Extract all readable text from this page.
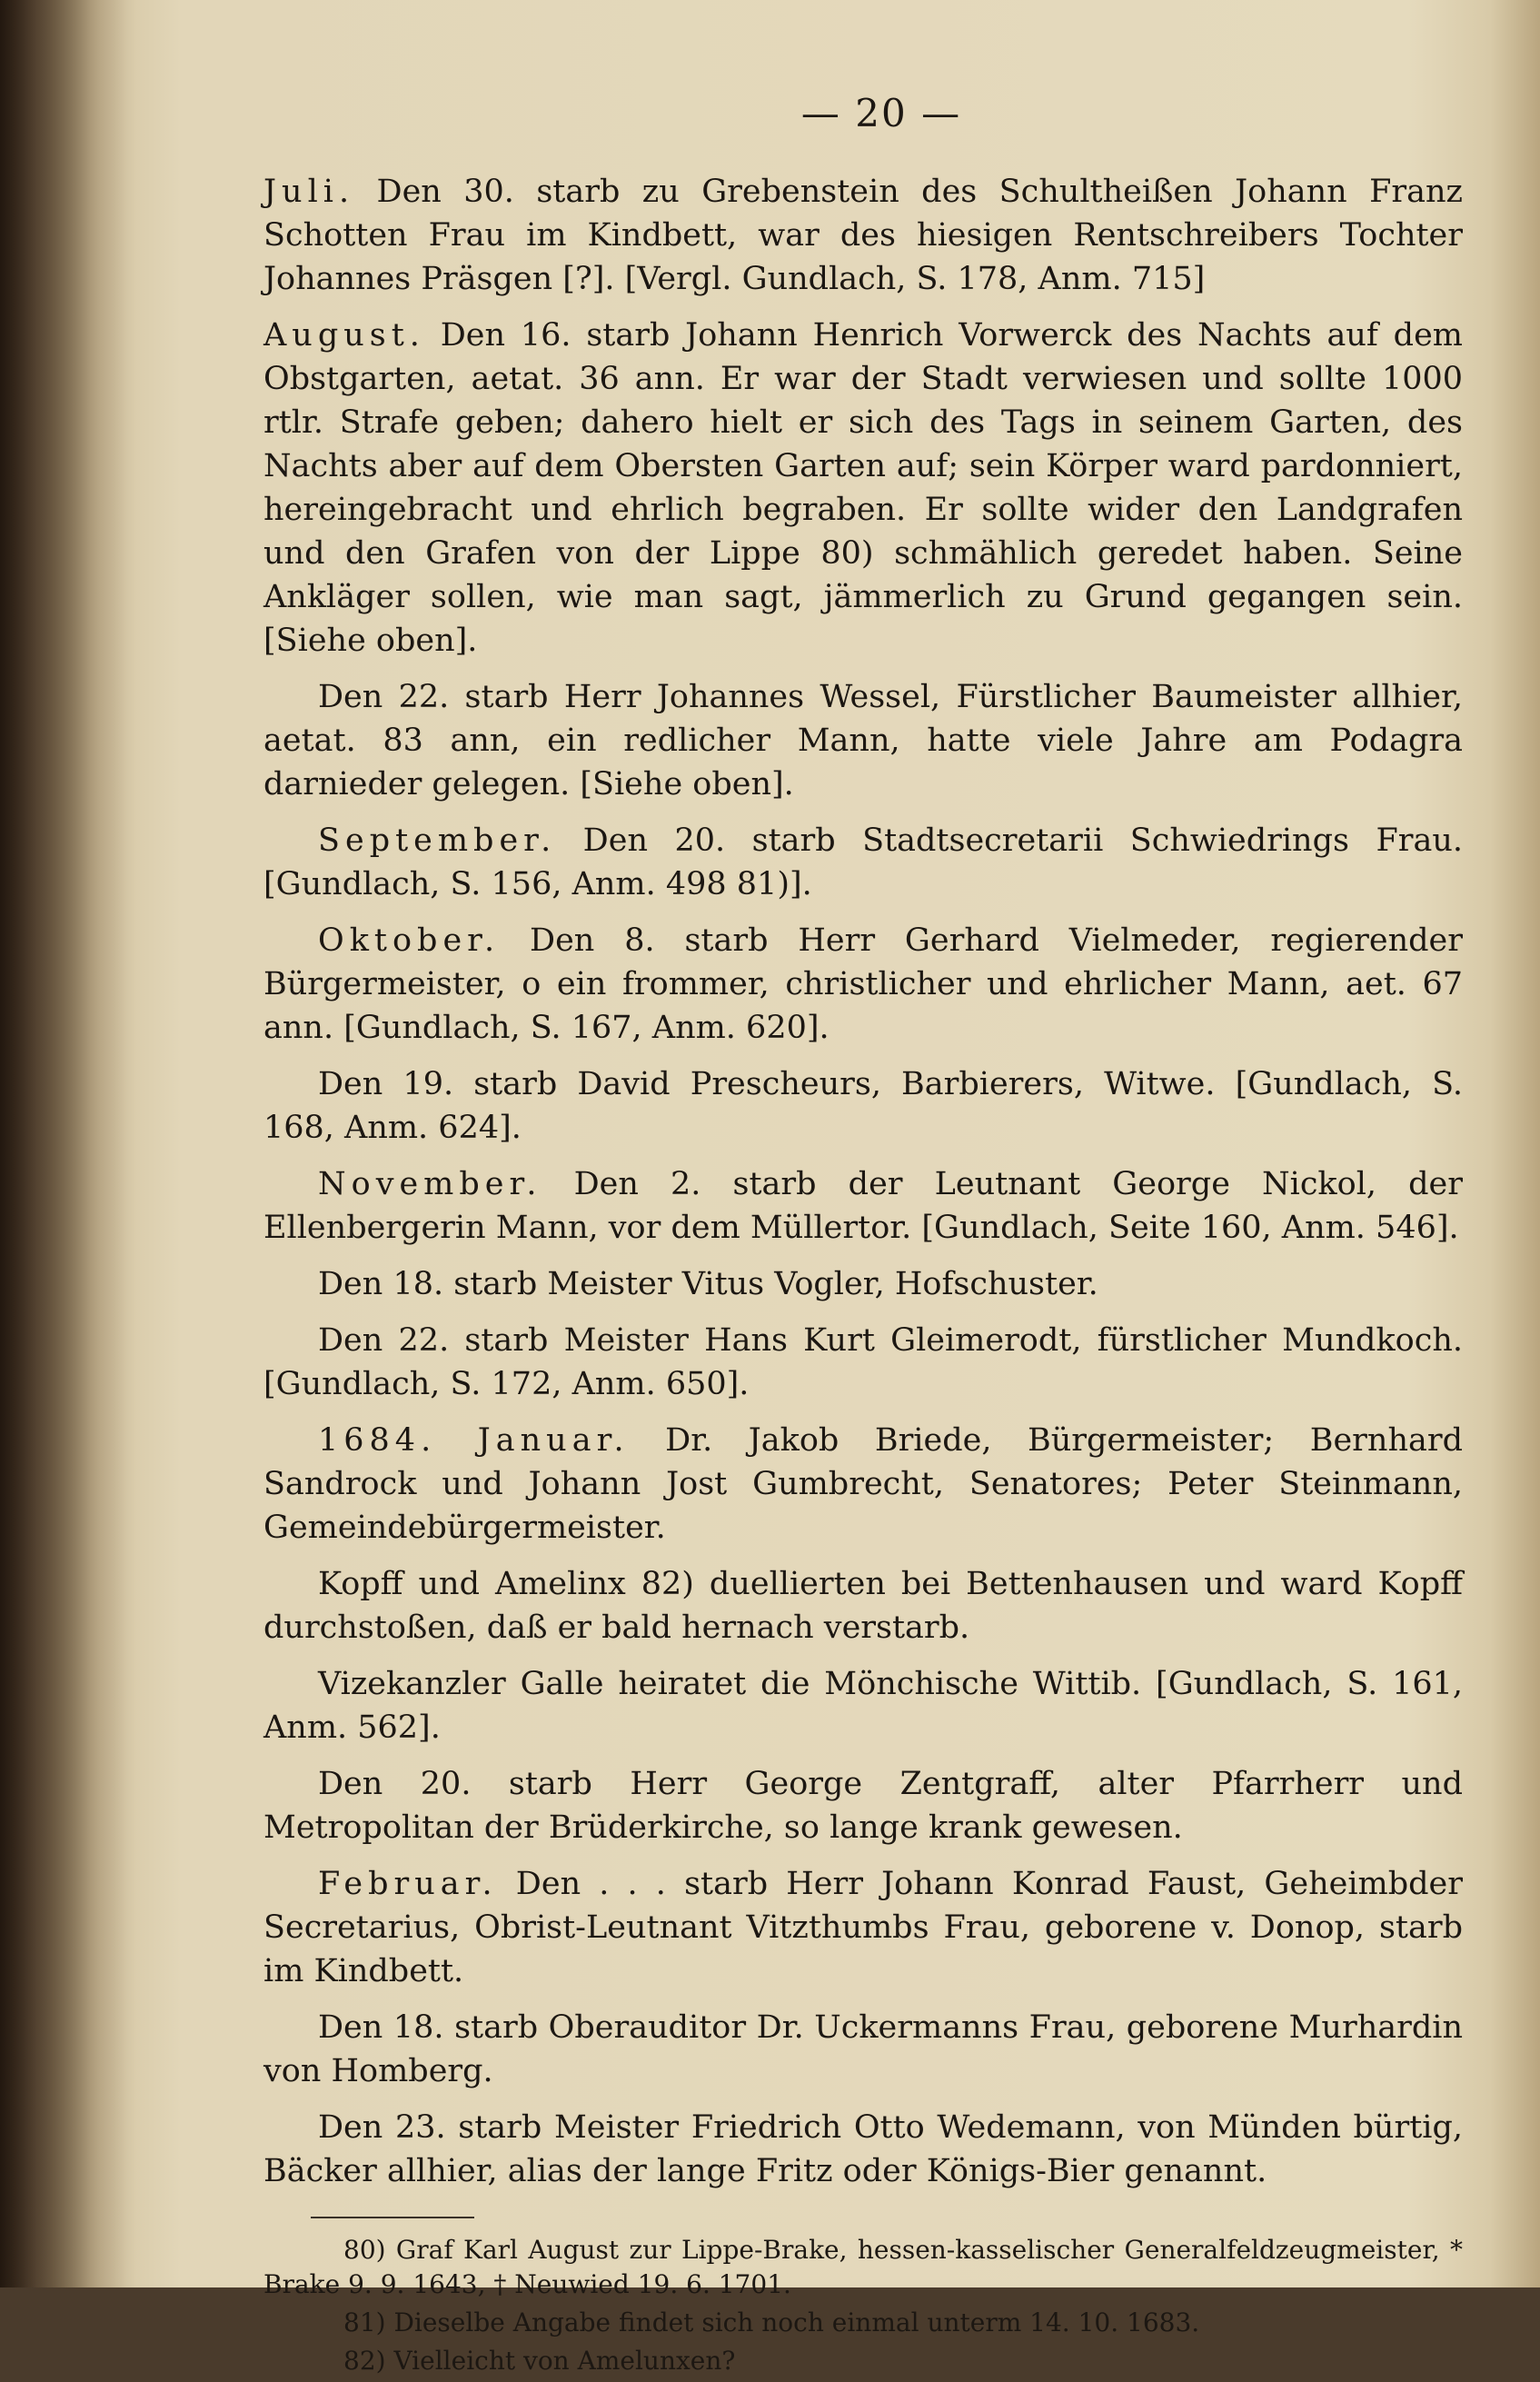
— 20 —

Juli. Den 30. starb zu Grebenstein des Schultheißen Johann Franz Schotten Frau im Kindbett, war des hiesigen Rentschreibers Tochter Johannes Präsgen [?]. [Vergl. Gundlach, S. 178, Anm. 715]

August. Den 16. starb Johann Henrich Vorwerck des Nachts auf dem Obstgarten, aetat. 36 ann. Er war der Stadt verwiesen und sollte 1000 rtlr. Strafe geben; dahero hielt er sich des Tags in seinem Garten, des Nachts aber auf dem Obersten Garten auf; sein Körper ward pardonniert, hereingebracht und ehrlich begraben. Er sollte wider den Landgrafen und den Grafen von der Lippe 80) schmählich geredet haben. Seine Ankläger sollen, wie man sagt, jämmerlich zu Grund gegangen sein. [Siehe oben].

Den 22. starb Herr Johannes Wessel, Fürstlicher Baumeister allhier, aetat. 83 ann, ein redlicher Mann, hatte viele Jahre am Podagra darnieder gelegen. [Siehe oben].

September. Den 20. starb Stadtsecretarii Schwiedrings Frau. [Gundlach, S. 156, Anm. 498 81)].

Oktober. Den 8. starb Herr Gerhard Vielmeder, regierender Bürgermeister, o ein frommer, christlicher und ehrlicher Mann, aet. 67 ann. [Gundlach, S. 167, Anm. 620].

Den 19. starb David Prescheurs, Barbierers, Witwe. [Gundlach, S. 168, Anm. 624].

November. Den 2. starb der Leutnant George Nickol, der Ellenbergerin Mann, vor dem Müllertor. [Gundlach, Seite 160, Anm. 546].

Den 18. starb Meister Vitus Vogler, Hofschuster.

Den 22. starb Meister Hans Kurt Gleimerodt, fürstlicher Mundkoch. [Gundlach, S. 172, Anm. 650].

1684. Januar. Dr. Jakob Briede, Bürgermeister; Bernhard Sandrock und Johann Jost Gumbrecht, Senatores; Peter Steinmann, Gemeindebürgermeister.

Kopff und Amelinx 82) duellierten bei Bettenhausen und ward Kopff durchstoßen, daß er bald hernach verstarb.

Vizekanzler Galle heiratet die Mönchische Wittib. [Gundlach, S. 161, Anm. 562].

Den 20. starb Herr George Zentgraff, alter Pfarrherr und Metropolitan der Brüderkirche, so lange krank gewesen.

Februar. Den . . . starb Herr Johann Konrad Faust, Geheimbder Secretarius, Obrist-Leutnant Vitzthumbs Frau, geborene v. Donop, starb im Kindbett.

Den 18. starb Oberauditor Dr. Uckermanns Frau, geborene Murhardin von Homberg.

Den 23. starb Meister Friedrich Otto Wedemann, von Münden bürtig, Bäcker allhier, alias der lange Fritz oder Königs-Bier genannt.

80) Graf Karl August zur Lippe-Brake, hessen-kasselischer Generalfeldzeugmeister, * Brake 9. 9. 1643, † Neuwied 19. 6. 1701.

81) Dieselbe Angabe findet sich noch einmal unterm 14. 10. 1683.

82) Vielleicht von Amelunxen?
